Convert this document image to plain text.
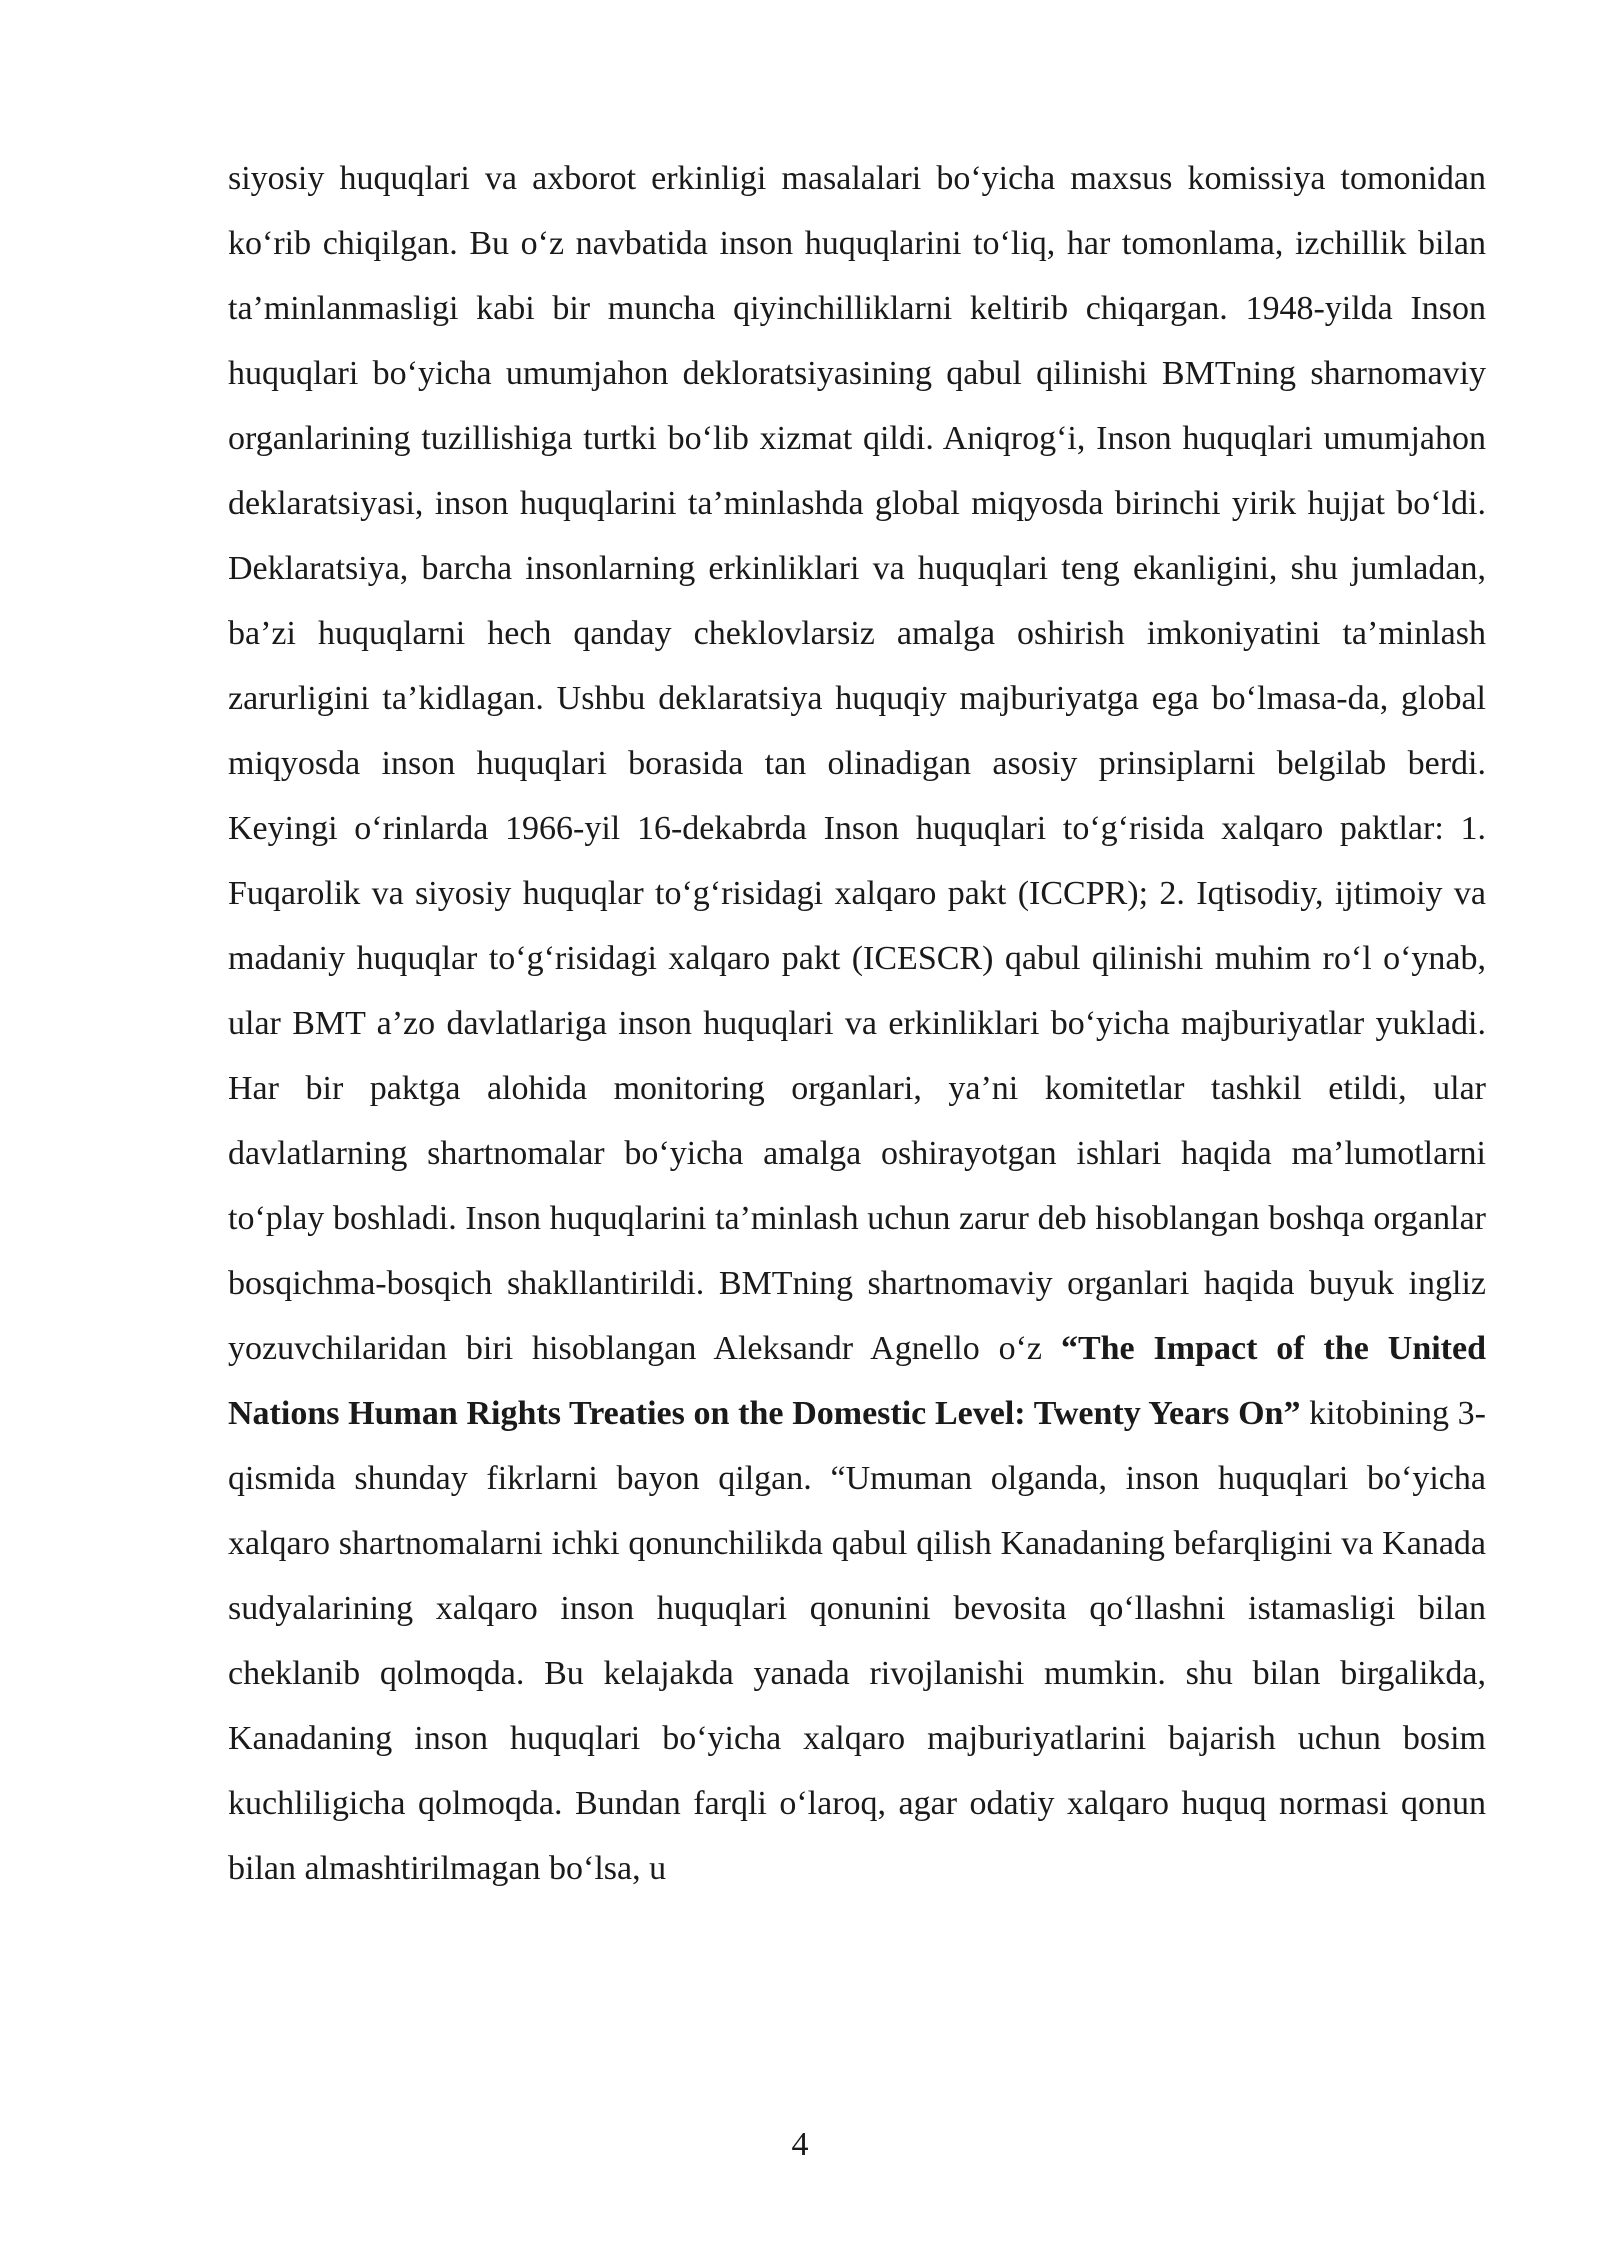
siyosiy huquqlari va axborot erkinligi masalalari bo‘yicha maxsus komissiya tomonidan ko‘rib chiqilgan. Bu o‘z navbatida inson huquqlarini to‘liq, har tomonlama, izchillik bilan ta’minlanmasligi kabi bir muncha qiyinchilliklarni keltirib chiqargan. 1948-yilda Inson huquqlari bo‘yicha umumjahon dekloratsiyasining qabul qilinishi BMTning sharnomaviy organlarining tuzillishiga turtki bo‘lib xizmat qildi. Aniqrog‘i, Inson huquqlari umumjahon deklaratsiyasi, inson huquqlarini ta’minlashda global miqyosda birinchi yirik hujjat bo‘ldi. Deklaratsiya, barcha insonlarning erkinliklari va huquqlari teng ekanligini, shu jumladan, ba’zi huquqlarni hech qanday cheklovlarsiz amalga oshirish imkoniyatini ta’minlash zarurligini ta’kidlagan. Ushbu deklaratsiya huquqiy majburiyatga ega bo‘lmasa-da, global miqyosda inson huquqlari borasida tan olinadigan asosiy prinsiplarni belgilab berdi. Keyingi o‘rinlarda 1966-yil 16-dekabrda Inson huquqlari to‘g‘risida xalqaro paktlar: 1. Fuqarolik va siyosiy huquqlar to‘g‘risidagi xalqaro pakt (ICCPR); 2. Iqtisodiy, ijtimoiy va madaniy huquqlar to‘g‘risidagi xalqaro pakt (ICESCR) qabul qilinishi muhim ro‘l o‘ynab, ular BMT a’zo davlatlariga inson huquqlari va erkinliklari bo‘yicha majburiyatlar yukladi. Har bir paktga alohida monitoring organlari, ya’ni komitetlar tashkil etildi, ular davlatlarning shartnomalar bo‘yicha amalga oshirayotgan ishlari haqida ma’lumotlarni to‘play boshladi. Inson huquqlarini ta’minlash uchun zarur deb hisoblangan boshqa organlar bosqichma-bosqich shakllantirildi. BMTning shartnomaviy organlari haqida buyuk ingliz yozuvchilaridan biri hisoblangan Aleksandr Agnello o‘z “The Impact of the United Nations Human Rights Treaties on the Domestic Level: Twenty Years On” kitobining 3-qismida shunday fikrlarni bayon qilgan. “Umuman olganda, inson huquqlari bo‘yicha xalqaro shartnomalarni ichki qonunchilikda qabul qilish Kanadaning befarqligini va Kanada sudyalarining xalqaro inson huquqlari qonunini bevosita qo‘llashni istamasligi bilan cheklanib qolmoqda. Bu kelajakda yanada rivojlanishi mumkin. shu bilan birgalikda, Kanadaning inson huquqlari bo‘yicha xalqaro majburiyatlarini bajarish uchun bosim kuchliligicha qolmoqda. Bundan farqli o‘laroq, agar odatiy xalqaro huquq normasi qonun bilan almashtirilmagan bo‘lsa, u

4
